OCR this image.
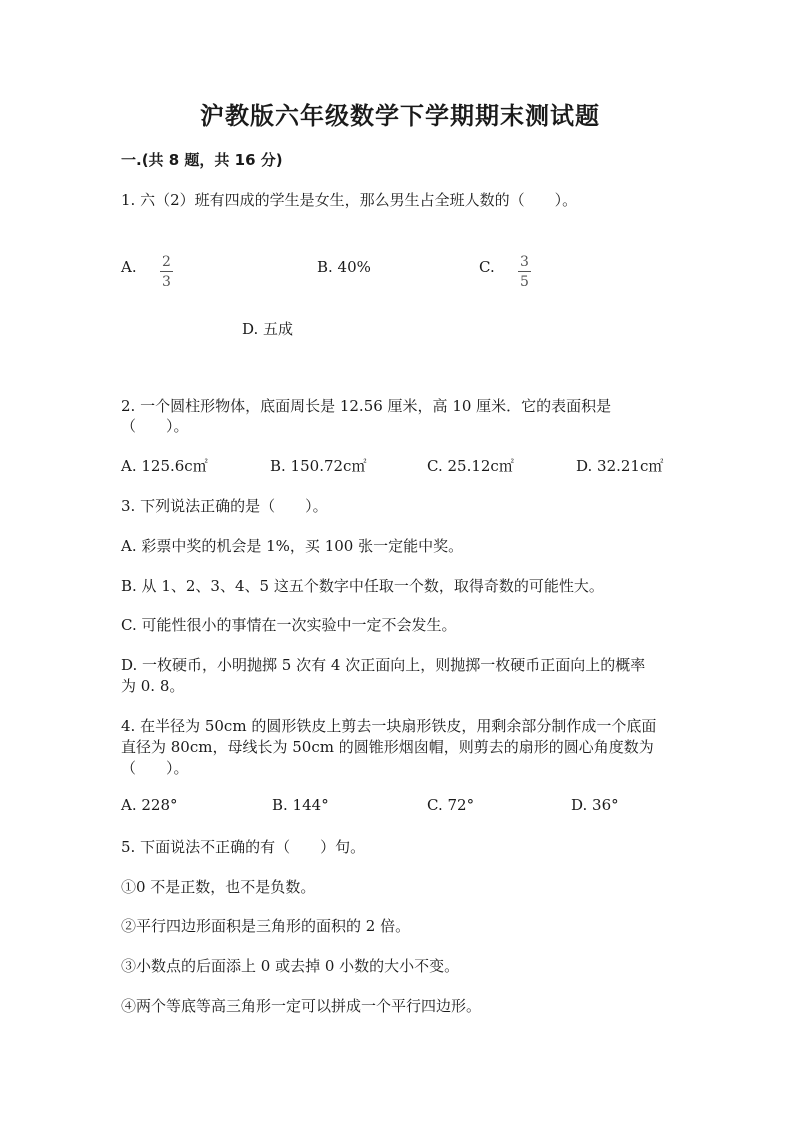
沪教版六年级数学下学期期末测试题
一.(共 8 题，共 16 分)
1. 六（2）班有四成的学生是女生，那么男生占全班人数的（　　）。
A. $\frac{2}{3}$	B. 40%	C. $\frac{3}{5}$
D. 五成
2. 一个圆柱形物体，底面周长是 12.56 厘米，高 10 厘米．它的表面积是
（　　）。
A. 125.6c㎡	B. 150.72c㎡	C. 25.12c㎡	D. 32.21c㎡
3. 下列说法正确的是（　　）。
A. 彩票中奖的机会是 1%，买 100 张一定能中奖。
B. 从 1、2、3、4、5 这五个数字中任取一个数，取得奇数的可能性大。
C. 可能性很小的事情在一次实验中一定不会发生。
D. 一枚硬币，小明抛掷 5 次有 4 次正面向上，则抛掷一枚硬币正面向上的概率
为 0. 8。
4. 在半径为 50cm 的圆形铁皮上剪去一块扇形铁皮，用剩余部分制作成一个底面
直径为 80cm，母线长为 50cm 的圆锥形烟囱帽，则剪去的扇形的圆心角度数为
（　　）。
A. 228°	B. 144°	C. 72°	D. 36°
5. 下面说法不正确的有（　　）句。
①0 不是正数，也不是负数。
②平行四边形面积是三角形的面积的 2 倍。
③小数点的后面添上 0 或去掉 0 小数的大小不变。
④两个等底等高三角形一定可以拼成一个平行四边形。
